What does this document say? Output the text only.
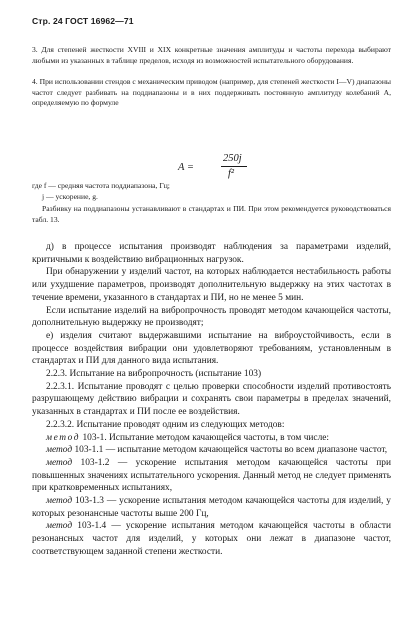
Стр. 24 ГОСТ 16962—71
3. Для степеней жесткости XVIII и XIX конкретные значения амплитуды и частоты перехода выбирают любыми из указанных в таблице пределов, исходя из возможностей испытательного оборудования.
4. При использовании стендов с механическим приводом (например, для степеней жесткости I—V) диапазоны частот следует разбивать на поддиапазоны и в них поддерживать постоянную амплитуду колебаний A, определяемую по формуле
A =
250j
f²
где f — средняя частота поддиапазона, Гц;
j — ускорение, g.
Разбивку на поддиапазоны устанавливают в стандартах и ПИ. При этом рекомендуется руководствоваться табл. 13.

д) в процессе испытания производят наблюдения за параметрами изделий, критичными к воздействию вибрационных нагрузок.

При обнаружении у изделий частот, на которых наблюдается нестабильность работы или ухудшение параметров, производят дополнительную выдержку на этих частотах в течение времени, указанного в стандартах и ПИ, но не менее 5 мин.

Если испытание изделий на вибропрочность проводят методом качающейся частоты, дополнительную выдержку не производят;

е) изделия считают выдержавшими испытание на виброустойчивость, если в процессе воздействия вибрации они удовлетворяют требованиям, установленным в стандартах и ПИ для данного вида испытания.

2.2.3. Испытание на вибропрочность (испытание 103)

2.2.3.1. Испытание проводят с целью проверки способности изделий противостоять разрушающему действию вибрации и сохранять свои параметры в пределах значений, указанных в стандартах и ПИ после ее воздействия.

2.2.3.2. Испытание проводят одним из следующих методов:

метод 103-1. Испытание методом качающейся частоты, в том числе:

метод 103-1.1 — испытание методом качающейся частоты во всем диапазоне частот,

метод 103-1.2 — ускорение испытания методом качающейся частоты при повышенных значениях испытательного ускорения. Данный метод не следует применять при кратковременных испытаниях,

метод 103-1.3 — ускорение испытания методом качающейся частоты для изделий, у которых резонансные частоты выше 200 Гц,

метод 103-1.4 — ускорение испытания методом качающейся частоты в области резонансных частот для изделий, у которых они лежат в диапазоне частот, соответствующем заданной степени жесткости.
